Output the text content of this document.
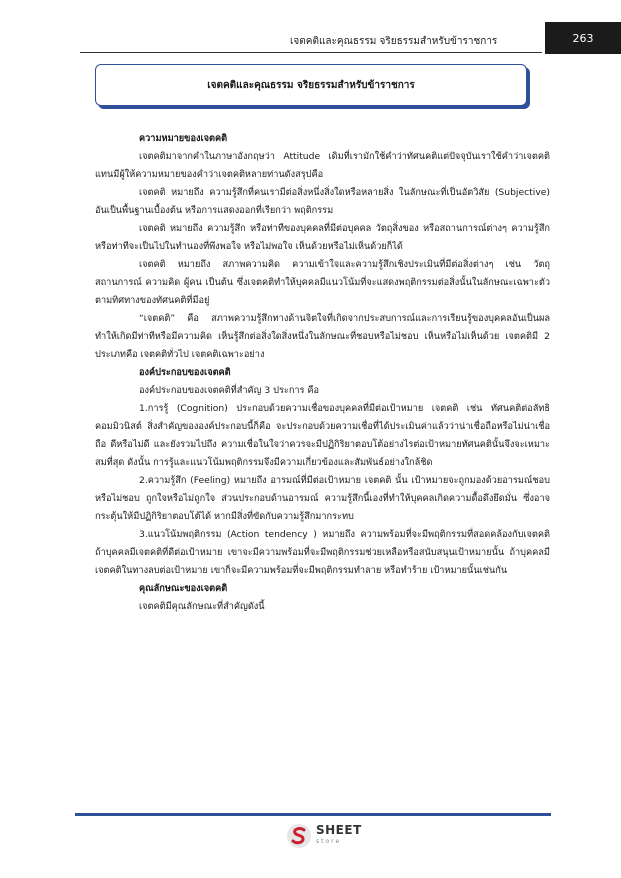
263
เจตคติและคุณธรรม จริยธรรมสำหรับข้าราชการ
เจตคติและคุณธรรม จริยธรรมสำหรับข้าราชการ

ความหมายของเจตคติ

เจตคติมาจากคำในภาษาอังกฤษว่า Attitude เดิมที่เรามักใช้คำว่าทัศนคติแต่ปัจจุบันเราใช้คำว่าเจตคติแทนมีผู้ให้ความหมายของคำว่าเจตคติหลายท่านดังสรุปคือ

เจตคติ หมายถึง ความรู้สึกที่คนเรามีต่อสิ่งหนึ่งสิ่งใดหรือหลายสิ่ง ในลักษณะที่เป็นอัตวิสัย (Subjective) อันเป็นพื้นฐานเบื้องต้น หรือการแสดงออกที่เรียกว่า พฤติกรรม

เจตคติ หมายถึง ความรู้สึก หรือท่าทีของบุคคลที่มีต่อบุคคล วัตถุสิ่งของ หรือสถานการณ์ต่างๆ ความรู้สึก หรือท่าทีจะเป็นไปในทำนองที่พึงพอใจ หรือไม่พอใจ เห็นด้วยหรือไม่เห็นด้วยก็ได้

เจตคติ หมายถึง สภาพความคิด ความเข้าใจและความรู้สึกเชิงประเมินที่มีต่อสิ่งต่างๆ เช่น วัตถุ สถานการณ์ ความคิด ผู้คน เป็นต้น ซึ่งเจตคติทำให้บุคคลมีแนวโน้มที่จะแสดงพฤติกรรมต่อสิ่งนั้นในลักษณะเฉพาะตัวตามทิศทางของทัศนคติที่มีอยู่

“เจตคติ” คือ สภาพความรู้สึกทางด้านจิตใจที่เกิดจากประสบการณ์และการเรียนรู้ของบุคคลอันเป็นผลทำให้เกิดมีท่าทีหรือมีความคิด เห็นรู้สึกต่อสิ่งใดสิ่งหนึ่งในลักษณะที่ชอบหรือไม่ชอบ เห็นหรือไม่เห็นด้วย เจตคติมี 2 ประเภทคือ เจตคติทั่วไป เจตคติเฉพาะอย่าง

องค์ประกอบของเจตคติ

องค์ประกอบของเจตคติที่สำคัญ 3 ประการ คือ

1.การรู้ (Cognition) ประกอบด้วยความเชื่อของบุคคลที่มีต่อเป้าหมาย เจตคติ เช่น ทัศนคติต่อลัทธิคอมมิวนิสต์ สิ่งสำคัญขององค์ประกอบนี้ก็คือ จะประกอบด้วยความเชื่อที่ได้ประเมินค่าแล้วว่าน่าเชื่อถือหรือไม่น่าเชื่อถือ ดีหรือไม่ดี และยังรวมไปถึง ความเชื่อในใจว่าควรจะมีปฏิกิริยาตอบโต้อย่างไรต่อเป้าหมายทัศนคตินั้นจึงจะเหมาะสมที่สุด ดังนั้น การรู้และแนวโน้มพฤติกรรมจึงมีความเกี่ยวข้องและสัมพันธ์อย่างใกล้ชิด

2.ความรู้สึก (Feeling) หมายถึง อารมณ์ที่มีต่อเป้าหมาย เจตคติ นั้น เป้าหมายจะถูกมองด้วยอารมณ์ชอบหรือไม่ชอบ ถูกใจหรือไม่ถูกใจ ส่วนประกอบด้านอารมณ์ ความรู้สึกนี้เองที่ทำให้บุคคลเกิดความดื้อดึงยึดมั่น ซึ่งอาจกระตุ้นให้มีปฏิกิริยาตอบโต้ได้ หากมีสิ่งที่ขัดกับความรู้สึกมากระทบ

3.แนวโน้มพฤติกรรม (Action tendency ) หมายถึง ความพร้อมที่จะมีพฤติกรรมที่สอดคล้องกับเจตคติ ถ้าบุคคลมีเจตคติที่ดีต่อเป้าหมาย เขาจะมีความพร้อมที่จะมีพฤติกรรมช่วยเหลือหรือสนับสนุนเป้าหมายนั้น ถ้าบุคคลมีเจตคติในทางลบต่อเป้าหมาย เขาก็จะมีความพร้อมที่จะมีพฤติกรรมทำลาย หรือทำร้าย เป้าหมายนั้นเช่นกัน

คุณลักษณะของเจตคติ

เจตคติมีคุณลักษณะที่สำคัญดังนี้

SHEET
store
